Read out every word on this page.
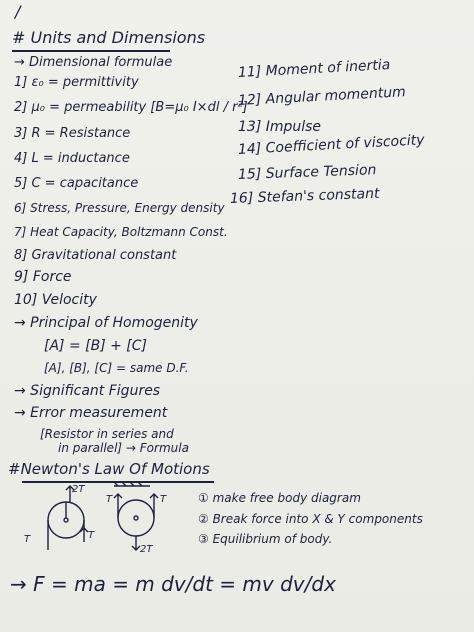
/
# Units and Dimensions
→ Dimensional formulae
1] ε₀ = permittivity
2] μ₀ = permeability [B=μ₀ I×dl / r²]
3] R = Resistance
4] L = inductance
5] C = capacitance
6] Stress, Pressure, Energy density
7] Heat Capacity, Boltzmann Const.
8] Gravitational constant
9] Force
10] Velocity
11] Moment of inertia
12] Angular momentum
13] Impulse
14] Coefficient of viscocity
15] Surface Tension
16] Stefan's constant
→ Principal of Homogenity
[A] = [B] + [C]
[A], [B], [C] = same D.F.
→ Significant Figures
→ Error measurement
[Resistor in series and
in parallel] → Formula
#Newton's Law Of Motions
2T
T	T
T
T
2T
① make free body diagram
② Break force into X & Y components
③ Equilibrium of body.
→ F = ma = m dv/dt = mv dv/dx
